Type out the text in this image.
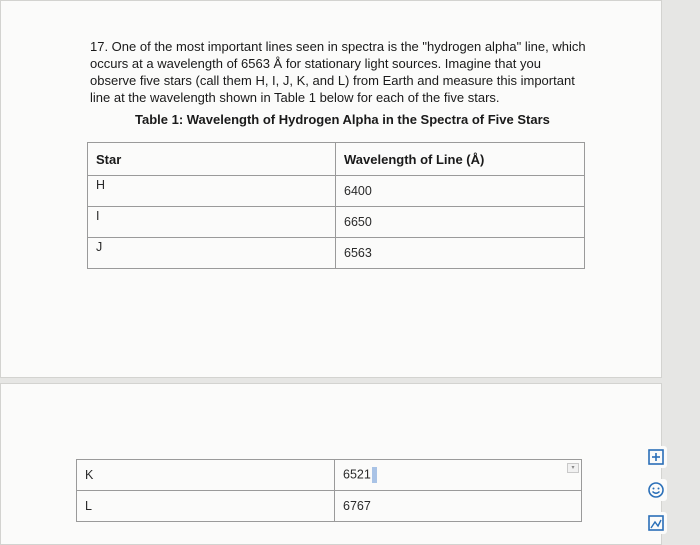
17. One of the most important lines seen in spectra is the "hydrogen alpha" line, which occurs at a wavelength of 6563 Å for stationary light sources. Imagine that you observe five stars (call them H, I, J, K, and L) from Earth and measure this important line at the wavelength shown in Table 1 below for each of the five stars.
Table 1: Wavelength of Hydrogen Alpha in the Spectra of Five Stars
Star	Wavelength of Line (Å)
H	6400
I	6650
J	6563
K	6521 ▾

L	6767
